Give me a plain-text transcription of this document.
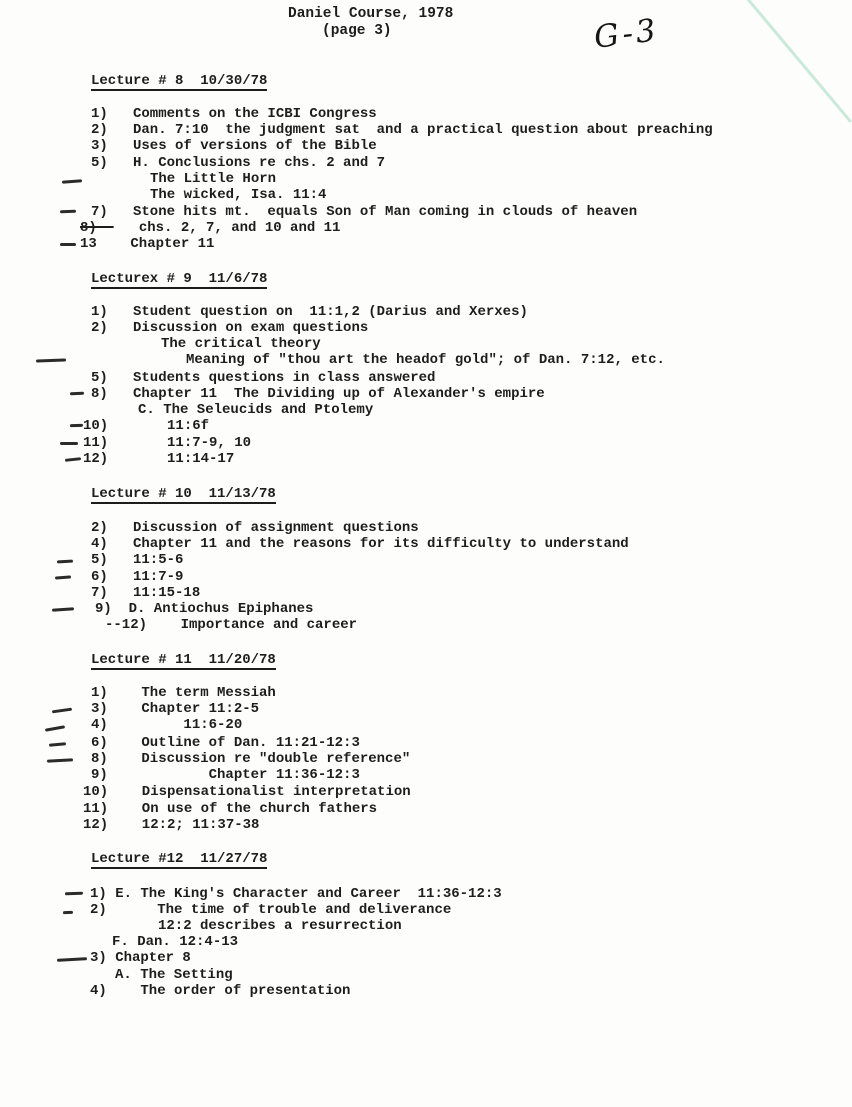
Daniel Course, 1978
(page 3)	G-3
Lecture # 8  10/30/78
1)   Comments on the ICBI Congress
2)   Dan. 7:10  the judgment sat  and a practical question about preaching
3)   Uses of versions of the Bible
5)   H. Conclusions re chs. 2 and 7
The Little Horn
The wicked, Isa. 11:4
7)   Stone hits mt.  equals Son of Man coming in clouds of heaven
8)--   chs. 2, 7, and 10 and 11
13    Chapter 11
Lecturex # 9  11/6/78
1)   Student question on  11:1,2 (Darius and Xerxes)
2)   Discussion on exam questions
The critical theory
Meaning of "thou art the headof gold"; of Dan. 7:12, etc.
5)   Students questions in class answered
8)   Chapter 11  The Dividing up of Alexander's empire
C. The Seleucids and Ptolemy
10)       11:6f
11)       11:7-9, 10
12)       11:14-17
Lecture # 10  11/13/78
2)   Discussion of assignment questions
4)   Chapter 11 and the reasons for its difficulty to understand
5)   11:5-6
6)   11:7-9
7)   11:15-18
9)  D. Antiochus Epiphanes
--12)    Importance and career
Lecture # 11  11/20/78
1)    The term Messiah
3)    Chapter 11:2-5
4)         11:6-20
6)    Outline of Dan. 11:21-12:3
8)    Discussion re "double reference"
9)            Chapter 11:36-12:3
10)    Dispensationalist interpretation
11)    On use of the church fathers
12)    12:2; 11:37-38
Lecture #12  11/27/78
1) E. The King's Character and Career  11:36-12:3
2)      The time of trouble and deliverance
12:2 describes a resurrection
F. Dan. 12:4-13
3) Chapter 8
A. The Setting
4)    The order of presentation
